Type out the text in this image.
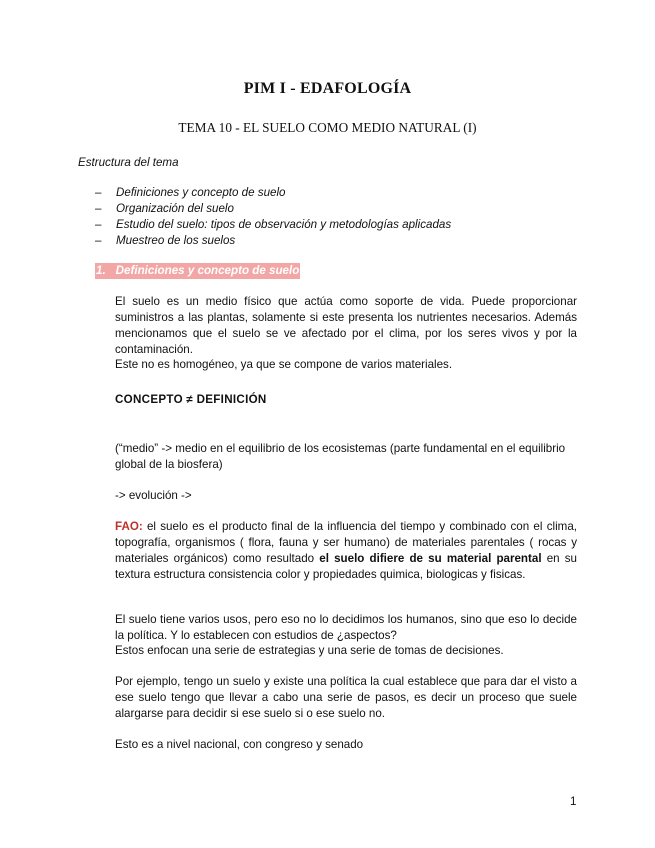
PIM I - EDAFOLOGÍA
TEMA 10 - EL SUELO COMO MEDIO NATURAL (I)
Estructura del tema
– Definiciones y concepto de suelo
– Organización del suelo
– Estudio del suelo: tipos de observación y metodologías aplicadas
– Muestreo de los suelos
1. Definiciones y concepto de suelo
El suelo es un medio físico que actúa como soporte de vida. Puede proporcionar suministros a las plantas, solamente si este presenta los nutrientes necesarios. Además mencionamos que el suelo se ve afectado por el clima, por los seres vivos y por la contaminación.
Este no es homogéneo, ya que se compone de varios materiales.
CONCEPTO ≠ DEFINICIÓN
(“medio” -> medio en el equilibrio de los ecosistemas (parte fundamental en el equilibrio global de la biosfera)
-> evolución ->
FAO: el suelo es el producto final de la influencia del tiempo y combinado con el clima, topografía, organismos ( flora, fauna y ser humano) de materiales parentales ( rocas y materiales orgánicos) como resultado el suelo difiere de su material parental en su textura estructura consistencia color y propiedades quimica, biologicas y fisicas.
El suelo tiene varios usos, pero eso no lo decidimos los humanos, sino que eso lo decide la política. Y lo establecen con estudios de ¿aspectos?
Estos enfocan una serie de estrategias y una serie de tomas de decisiones.
Por ejemplo, tengo un suelo y existe una política la cual establece que para dar el visto a ese suelo tengo que llevar a cabo una serie de pasos, es decir un proceso que suele alargarse para decidir si ese suelo si o ese suelo no.
Esto es a nivel nacional, con congreso y senado
1
